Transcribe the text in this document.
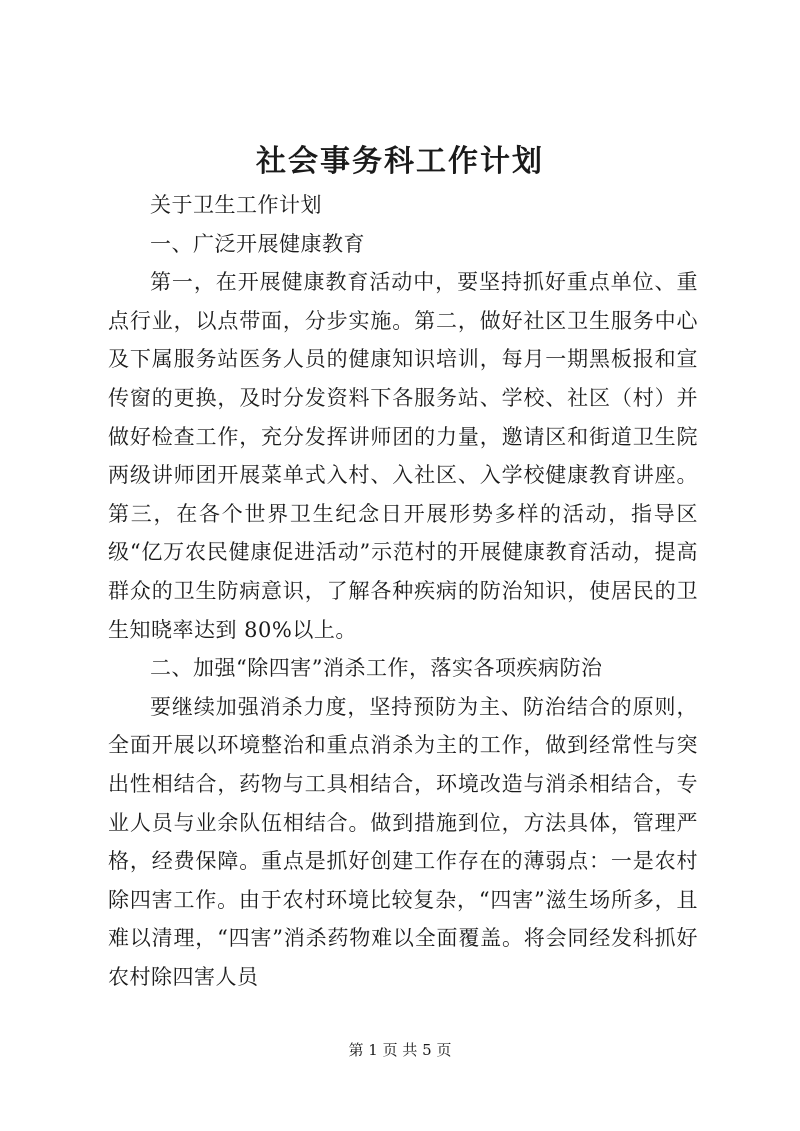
社会事务科工作计划

关于卫生工作计划

一、广泛开展健康教育

第一，在开展健康教育活动中，要坚持抓好重点单位、重点行业，以点带面，分步实施。第二，做好社区卫生服务中心及下属服务站医务人员的健康知识培训，每月一期黑板报和宣传窗的更换，及时分发资料下各服务站、学校、社区（村）并做好检查工作，充分发挥讲师团的力量，邀请区和街道卫生院两级讲师团开展菜单式入村、入社区、入学校健康教育讲座。第三，在各个世界卫生纪念日开展形势多样的活动，指导区级“亿万农民健康促进活动”示范村的开展健康教育活动，提高群众的卫生防病意识，了解各种疾病的防治知识，使居民的卫生知晓率达到 80%以上。

二、加强“除四害”消杀工作，落实各项疾病防治

要继续加强消杀力度，坚持预防为主、防治结合的原则，全面开展以环境整治和重点消杀为主的工作，做到经常性与突出性相结合，药物与工具相结合，环境改造与消杀相结合，专业人员与业余队伍相结合。做到措施到位，方法具体，管理严格，经费保障。重点是抓好创建工作存在的薄弱点：一是农村除四害工作。由于农村环境比较复杂，“四害”滋生场所多，且难以清理，“四害”消杀药物难以全面覆盖。将会同经发科抓好农村除四害人员

第 1 页 共 5 页
